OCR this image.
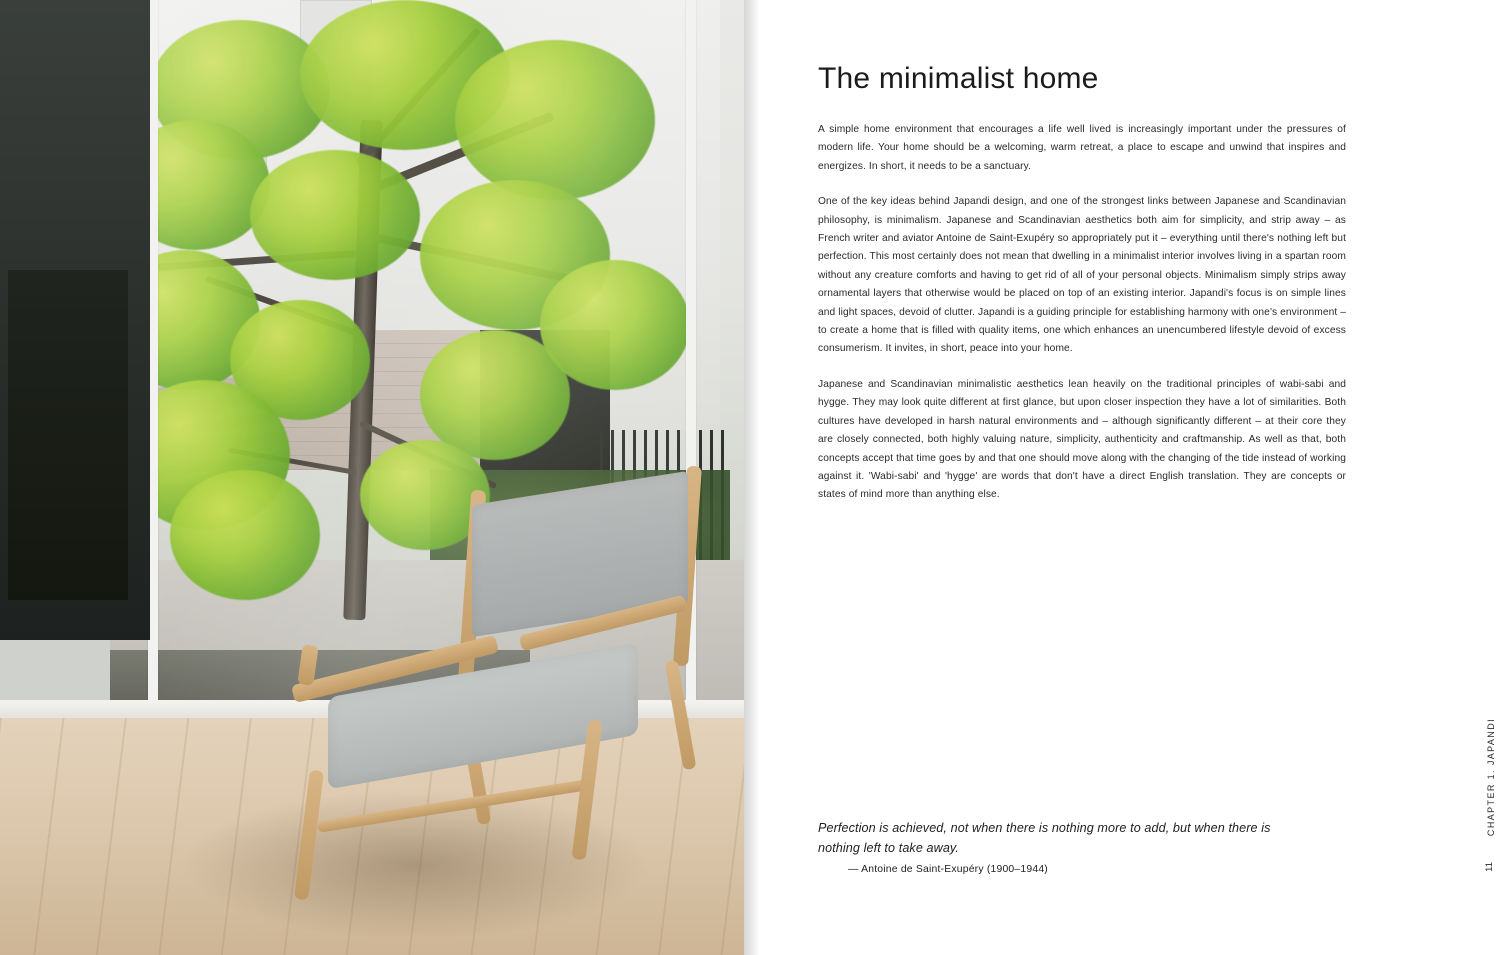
The minimalist home

A simple home environment that encourages a life well lived is increasingly important under the pressures of modern life. Your home should be a welcoming, warm retreat, a place to escape and unwind that inspires and energizes. In short, it needs to be a sanctuary.

One of the key ideas behind Japandi design, and one of the strongest links between Japanese and Scandinavian philosophy, is minimalism. Japanese and Scandinavian aesthetics both aim for simplicity, and strip away – as French writer and aviator Antoine de Saint-Exupéry so appropriately put it – everything until there's nothing left but perfection. This most certainly does not mean that dwelling in a minimalist interior involves living in a spartan room without any creature comforts and having to get rid of all of your personal objects. Minimalism simply strips away ornamental layers that otherwise would be placed on top of an existing interior. Japandi's focus is on simple lines and light spaces, devoid of clutter. Japandi is a guiding principle for establishing harmony with one's environment – to create a home that is filled with quality items, one which enhances an unencumbered lifestyle devoid of excess consumerism. It invites, in short, peace into your home.

Japanese and Scandinavian minimalistic aesthetics lean heavily on the traditional principles of wabi-sabi and hygge. They may look quite different at first glance, but upon closer inspection they have a lot of similarities. Both cultures have developed in harsh natural environments and – although significantly different – at their core they are closely connected, both highly valuing nature, simplicity, authenticity and craftmanship. As well as that, both concepts accept that time goes by and that one should move along with the changing of the tide instead of working against it. 'Wabi-sabi' and 'hygge' are words that don't have a direct English translation. They are concepts or states of mind more than anything else.

Perfection is achieved, not when there is nothing more to add, but when there is nothing left to take away.

— Antoine de Saint-Exupéry (1900–1944)
CHAPTER 1. JAPANDI
11
